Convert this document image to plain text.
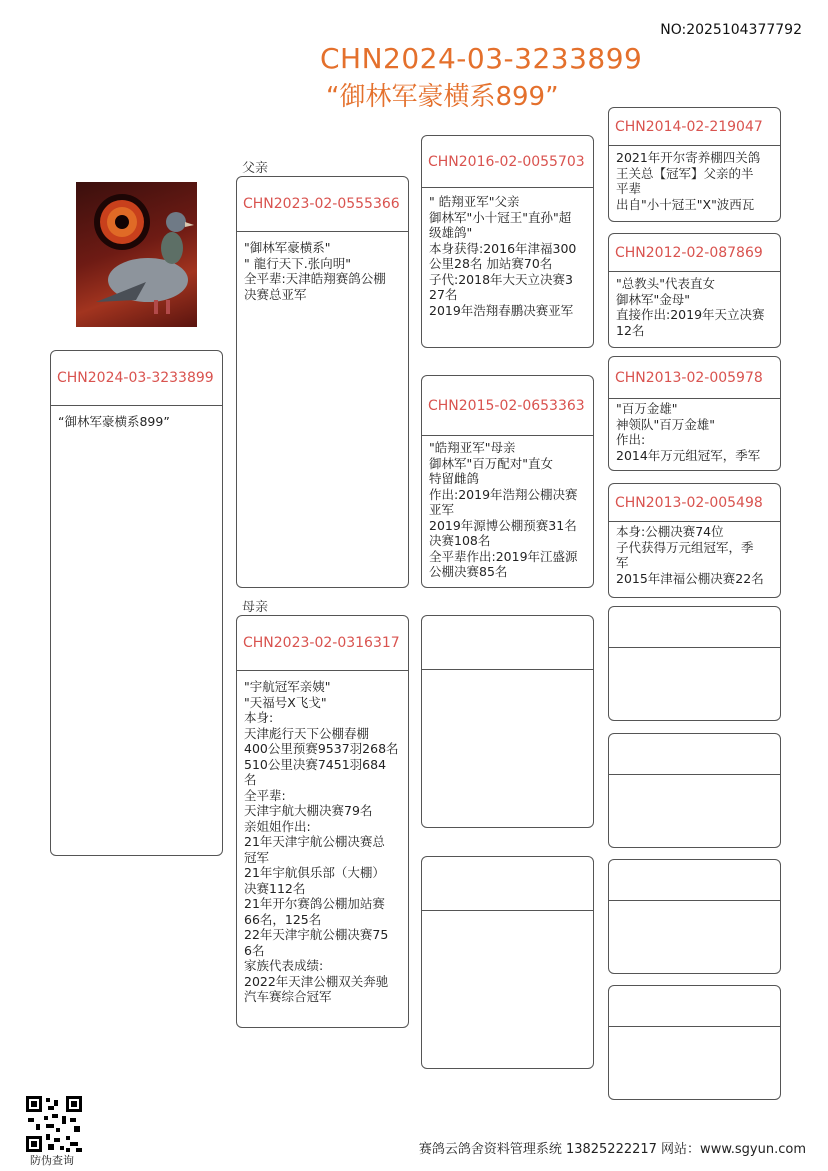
NO:2025104377792
CHN2024-03-3233899
“御林军豪横系899”
父亲
母亲
CHN2024-03-3233899
“御林军豪横系899”
CHN2023-02-0555366
"御林军豪横系"
" 龍行天下.张向明"
全平辈:天津皓翔赛鸽公棚
决赛总亚军
CHN2023-02-0316317
"宇航冠军亲姨"
"天福号X飞戈"
本身:
天津彪行天下公棚春棚
400公里预赛9537羽268名
510公里决赛7451羽684
名
全平辈:
天津宇航大棚决赛79名
亲姐姐作出:
21年天津宇航公棚决赛总
冠军
21年宇航俱乐部（大棚）
决赛112名
21年开尔赛鸽公棚加站赛
66名，125名
22年天津宇航公棚决赛75
6名
家族代表成绩:
2022年天津公棚双关奔驰
汽车赛综合冠军
CHN2016-02-0055703
" 皓翔亚军"父亲
御林军"小十冠王"直孙"超
级雄鸽"
本身获得:2016年津福300
公里28名 加站赛70名
子代:2018年大天立决赛3
27名
2019年浩翔春鹏决赛亚军
CHN2015-02-0653363
"皓翔亚军"母亲
御林军"百万配对"直女
特留雌鸽
作出:2019年浩翔公棚决赛
亚军
2019年源博公棚预赛31名
决赛108名
全平辈作出:2019年江盛源
公棚决赛85名
CHN2014-02-219047
2021年开尔寄养棚四关鸽
王关总【冠军】父亲的半
平辈
出自"小十冠王"X"波西瓦
CHN2012-02-087869
"总教头"代表直女
御林军"金母"
直接作出:2019年天立决赛
12名
CHN2013-02-005978
"百万金雄"
神领队"百万金雄"
作出:
2014年万元组冠军，季军
CHN2013-02-005498
本身:公棚决赛74位
子代获得万元组冠军，季
军
2015年津福公棚决赛22名
防伪查询
赛鸽云鸽舍资料管理系统 13825222217 网站：www.sgyun.com
